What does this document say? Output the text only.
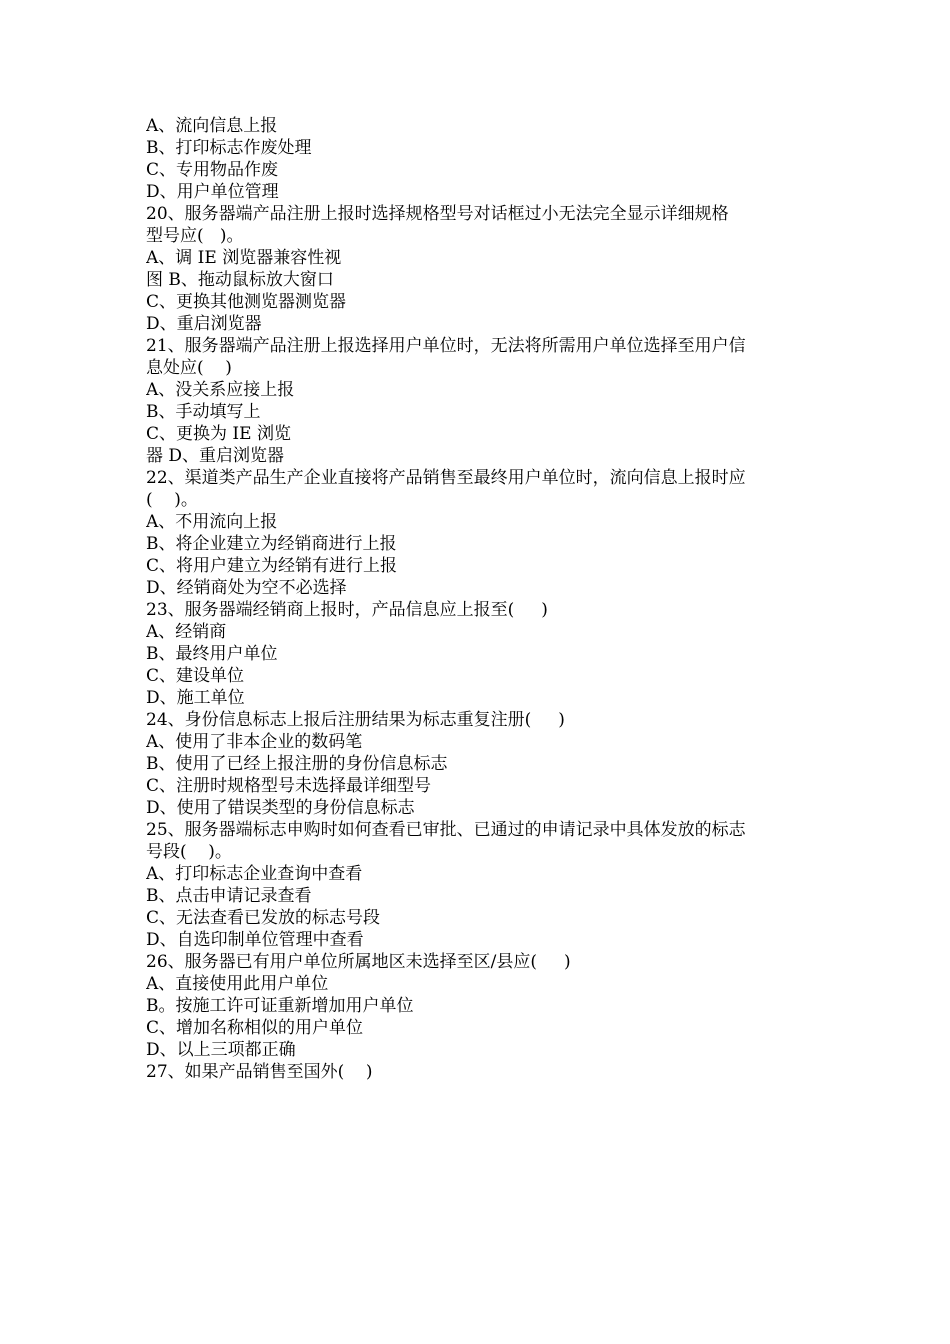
A、流向信息上报
B、打印标志作废处理
C、专用物品作废
D、用户单位管理
20、服务器端产品注册上报时选择规格型号对话框过小无法完全显示详细规格
型号应(   )。
A、调 IE 浏览器兼容性视
图 B、拖动鼠标放大窗口
C、更换其他测览器测览器
D、重启浏览器
21、服务器端产品注册上报选择用户单位时，无法将所需用户单位选择至用户信
息处应(    )
A、没关系应接上报
B、手动填写上
C、更换为 IE 浏览
器 D、重启浏览器
22、渠道类产品生产企业直接将产品销售至最终用户单位时，流向信息上报时应
(    )。
A、不用流向上报
B、将企业建立为经销商进行上报
C、将用户建立为经销有进行上报
D、经销商处为空不必选择
23、服务器端经销商上报时，产品信息应上报至(     )
A、经销商
B、最终用户单位
C、建设单位
D、施工单位
24、身份信息标志上报后注册结果为标志重复注册(     )
A、使用了非本企业的数码笔
B、使用了已经上报注册的身份信息标志
C、注册时规格型号未选择最详细型号
D、使用了错误类型的身份信息标志
25、服务器端标志申购时如何查看已审批、已通过的申请记录中具体发放的标志
号段(    )。
A、打印标志企业查询中查看
B、点击申请记录查看
C、无法查看已发放的标志号段
D、自选印制单位管理中查看
26、服务器已有用户单位所属地区未选择至区/县应(     )
A、直接使用此用户单位
B。按施工许可证重新增加用户单位
C、增加名称相似的用户单位
D、以上三项都正确
27、如果产品销售至国外(    )
